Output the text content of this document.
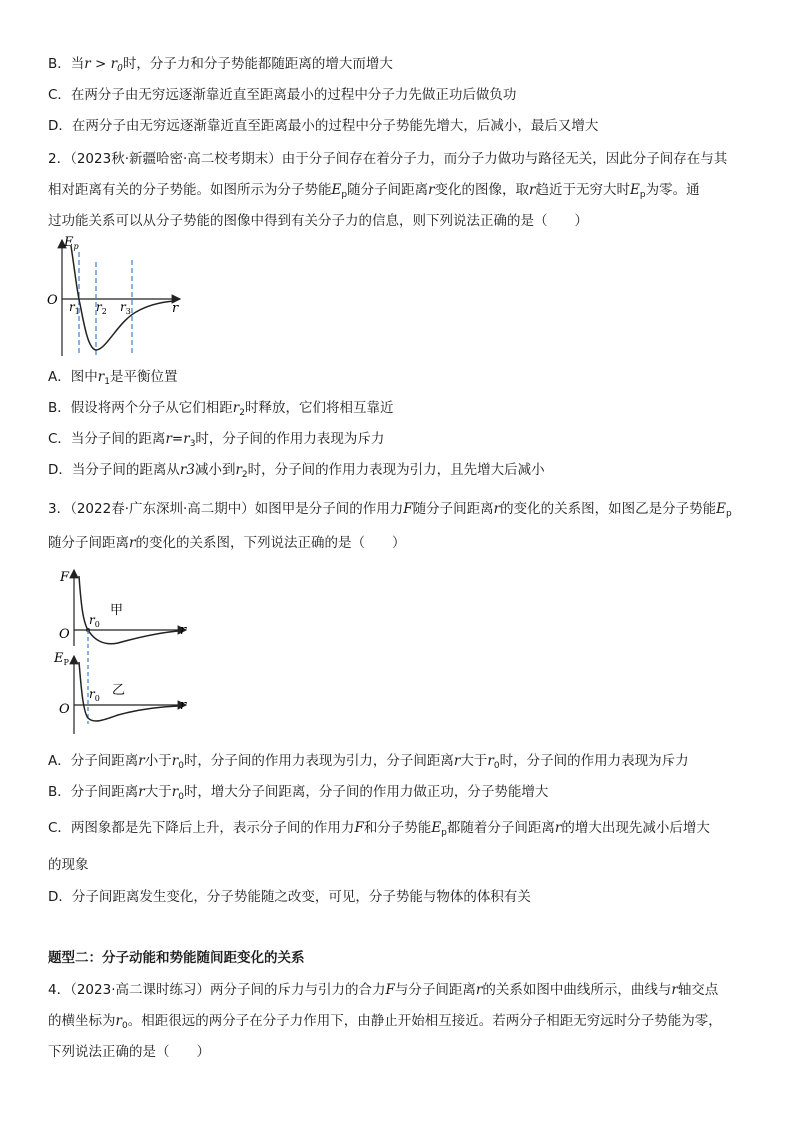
B．当$r > r_0$时，分子力和分子势能都随距离的增大而增大
C．在两分子由无穷远逐渐靠近直至距离最小的过程中分子力先做正功后做负功
D．在两分子由无穷远逐渐靠近直至距离最小的过程中分子势能先增大，后减小，最后又增大
2．（2023秋·新疆哈密·高二校考期末）由于分子间存在着分子力，而分子力做功与路径无关，因此分子间存在与其
相对距离有关的分子势能。如图所示为分子势能$E_p$随分子间距离r变化的图像，取r趋近于无穷大时$E_p$为零。通
过功能关系可以从分子势能的图像中得到有关分子力的信息，则下列说法正确的是（　　）
$E_p$
O
r
$r_1$ $r_2$ $r_3$
A．图中$r_1$是平衡位置
B．假设将两个分子从它们相距$r_2$时释放，它们将相互靠近
C．当分子间的距离$r=r_3$时，分子间的作用力表现为斥力
D．当分子间的距离从r3减小到$r_2$时，分子间的作用力表现为引力，且先增大后减小
3．（2022春·广东深圳·高二期中）如图甲是分子间的作用力F随分子间距离r的变化的关系图，如图乙是分子势能$E_p$
随分子间距离r的变化的关系图，下列说法正确的是（　　）
F
O	r
$r_0$
甲
$E_P$
O	r
$r_0$
乙
A．分子间距离r小于$r_0$时，分子间的作用力表现为引力，分子间距离r大于$r_0$时，分子间的作用力表现为斥力
B．分子间距离r大于$r_0$时，增大分子间距离，分子间的作用力做正功，分子势能增大
C．两图象都是先下降后上升，表示分子间的作用力F和分子势能$E_p$都随着分子间距离r的增大出现先减小后增大
的现象
D．分子间距离发生变化，分子势能随之改变，可见，分子势能与物体的体积有关
题型二：分子动能和势能随间距变化的关系
4．（2023·高二课时练习）两分子间的斥力与引力的合力F与分子间距离r的关系如图中曲线所示，曲线与r轴交点
的横坐标为$r_0$。相距很远的两分子在分子力作用下，由静止开始相互接近。若两分子相距无穷远时分子势能为零，
下列说法正确的是（　　）
